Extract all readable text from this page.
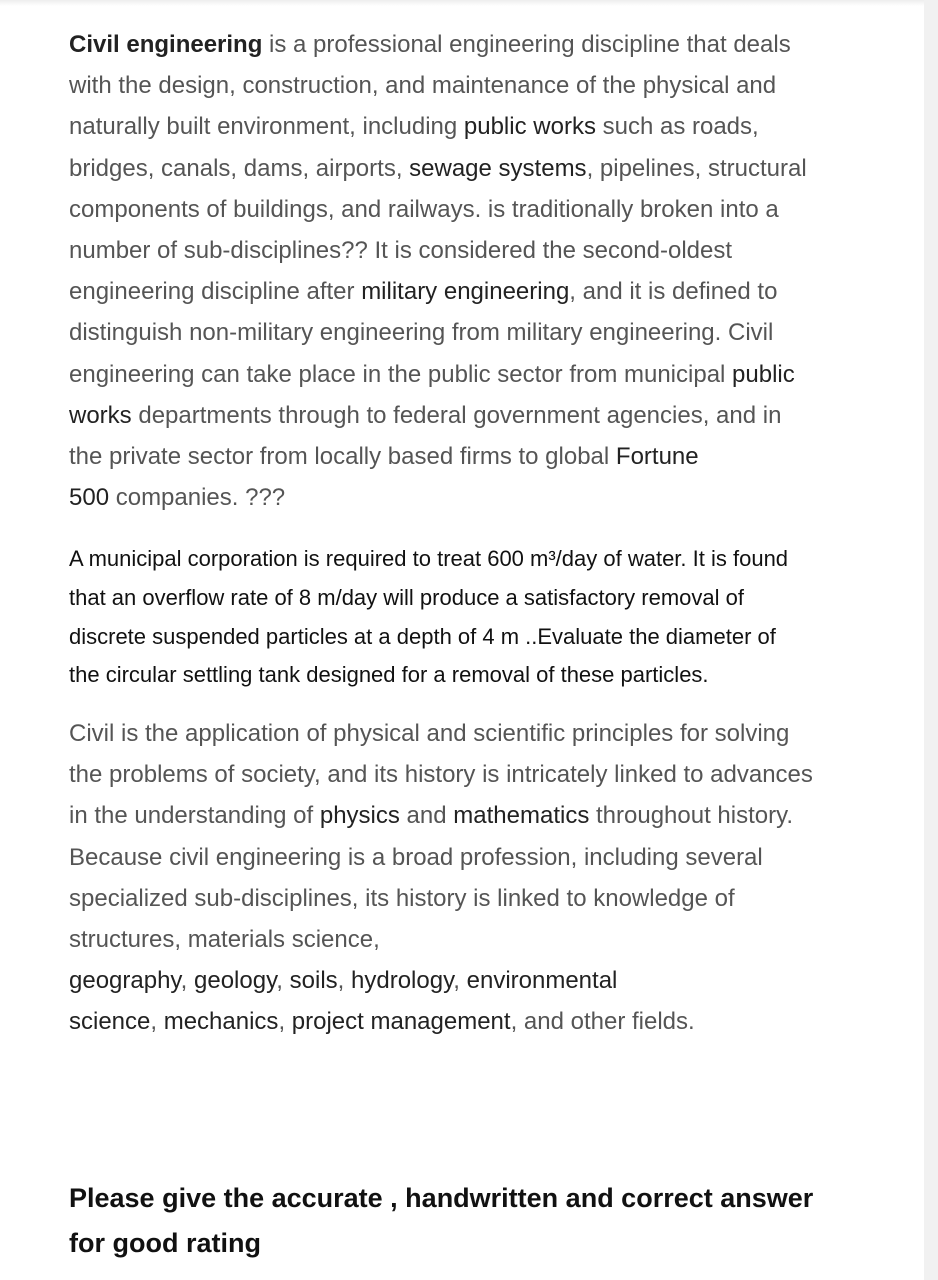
Civil engineering is a professional engineering discipline that deals
with the design, construction, and maintenance of the physical and
naturally built environment, including public works such as roads,
bridges, canals, dams, airports, sewage systems, pipelines, structural
components of buildings, and railways. is traditionally broken into a
number of sub-disciplines?? It is considered the second-oldest
engineering discipline after military engineering, and it is defined to
distinguish non-military engineering from military engineering. Civil
engineering can take place in the public sector from municipal public
works departments through to federal government agencies, and in
the private sector from locally based firms to global Fortune
500 companies. ???
A municipal corporation is required to treat 600 m³/day of water. It is found
that an overflow rate of 8 m/day will produce a satisfactory removal of
discrete suspended particles at a depth of 4 m ..Evaluate the diameter of
the circular settling tank designed for a removal of these particles.
Civil is the application of physical and scientific principles for solving
the problems of society, and its history is intricately linked to advances
in the understanding of physics and mathematics throughout history.
Because civil engineering is a broad profession, including several
specialized sub-disciplines, its history is linked to knowledge of
structures, materials science,
geography, geology, soils, hydrology, environmental
science, mechanics, project management, and other fields.
Please give the accurate , handwritten and correct answer
for good rating
